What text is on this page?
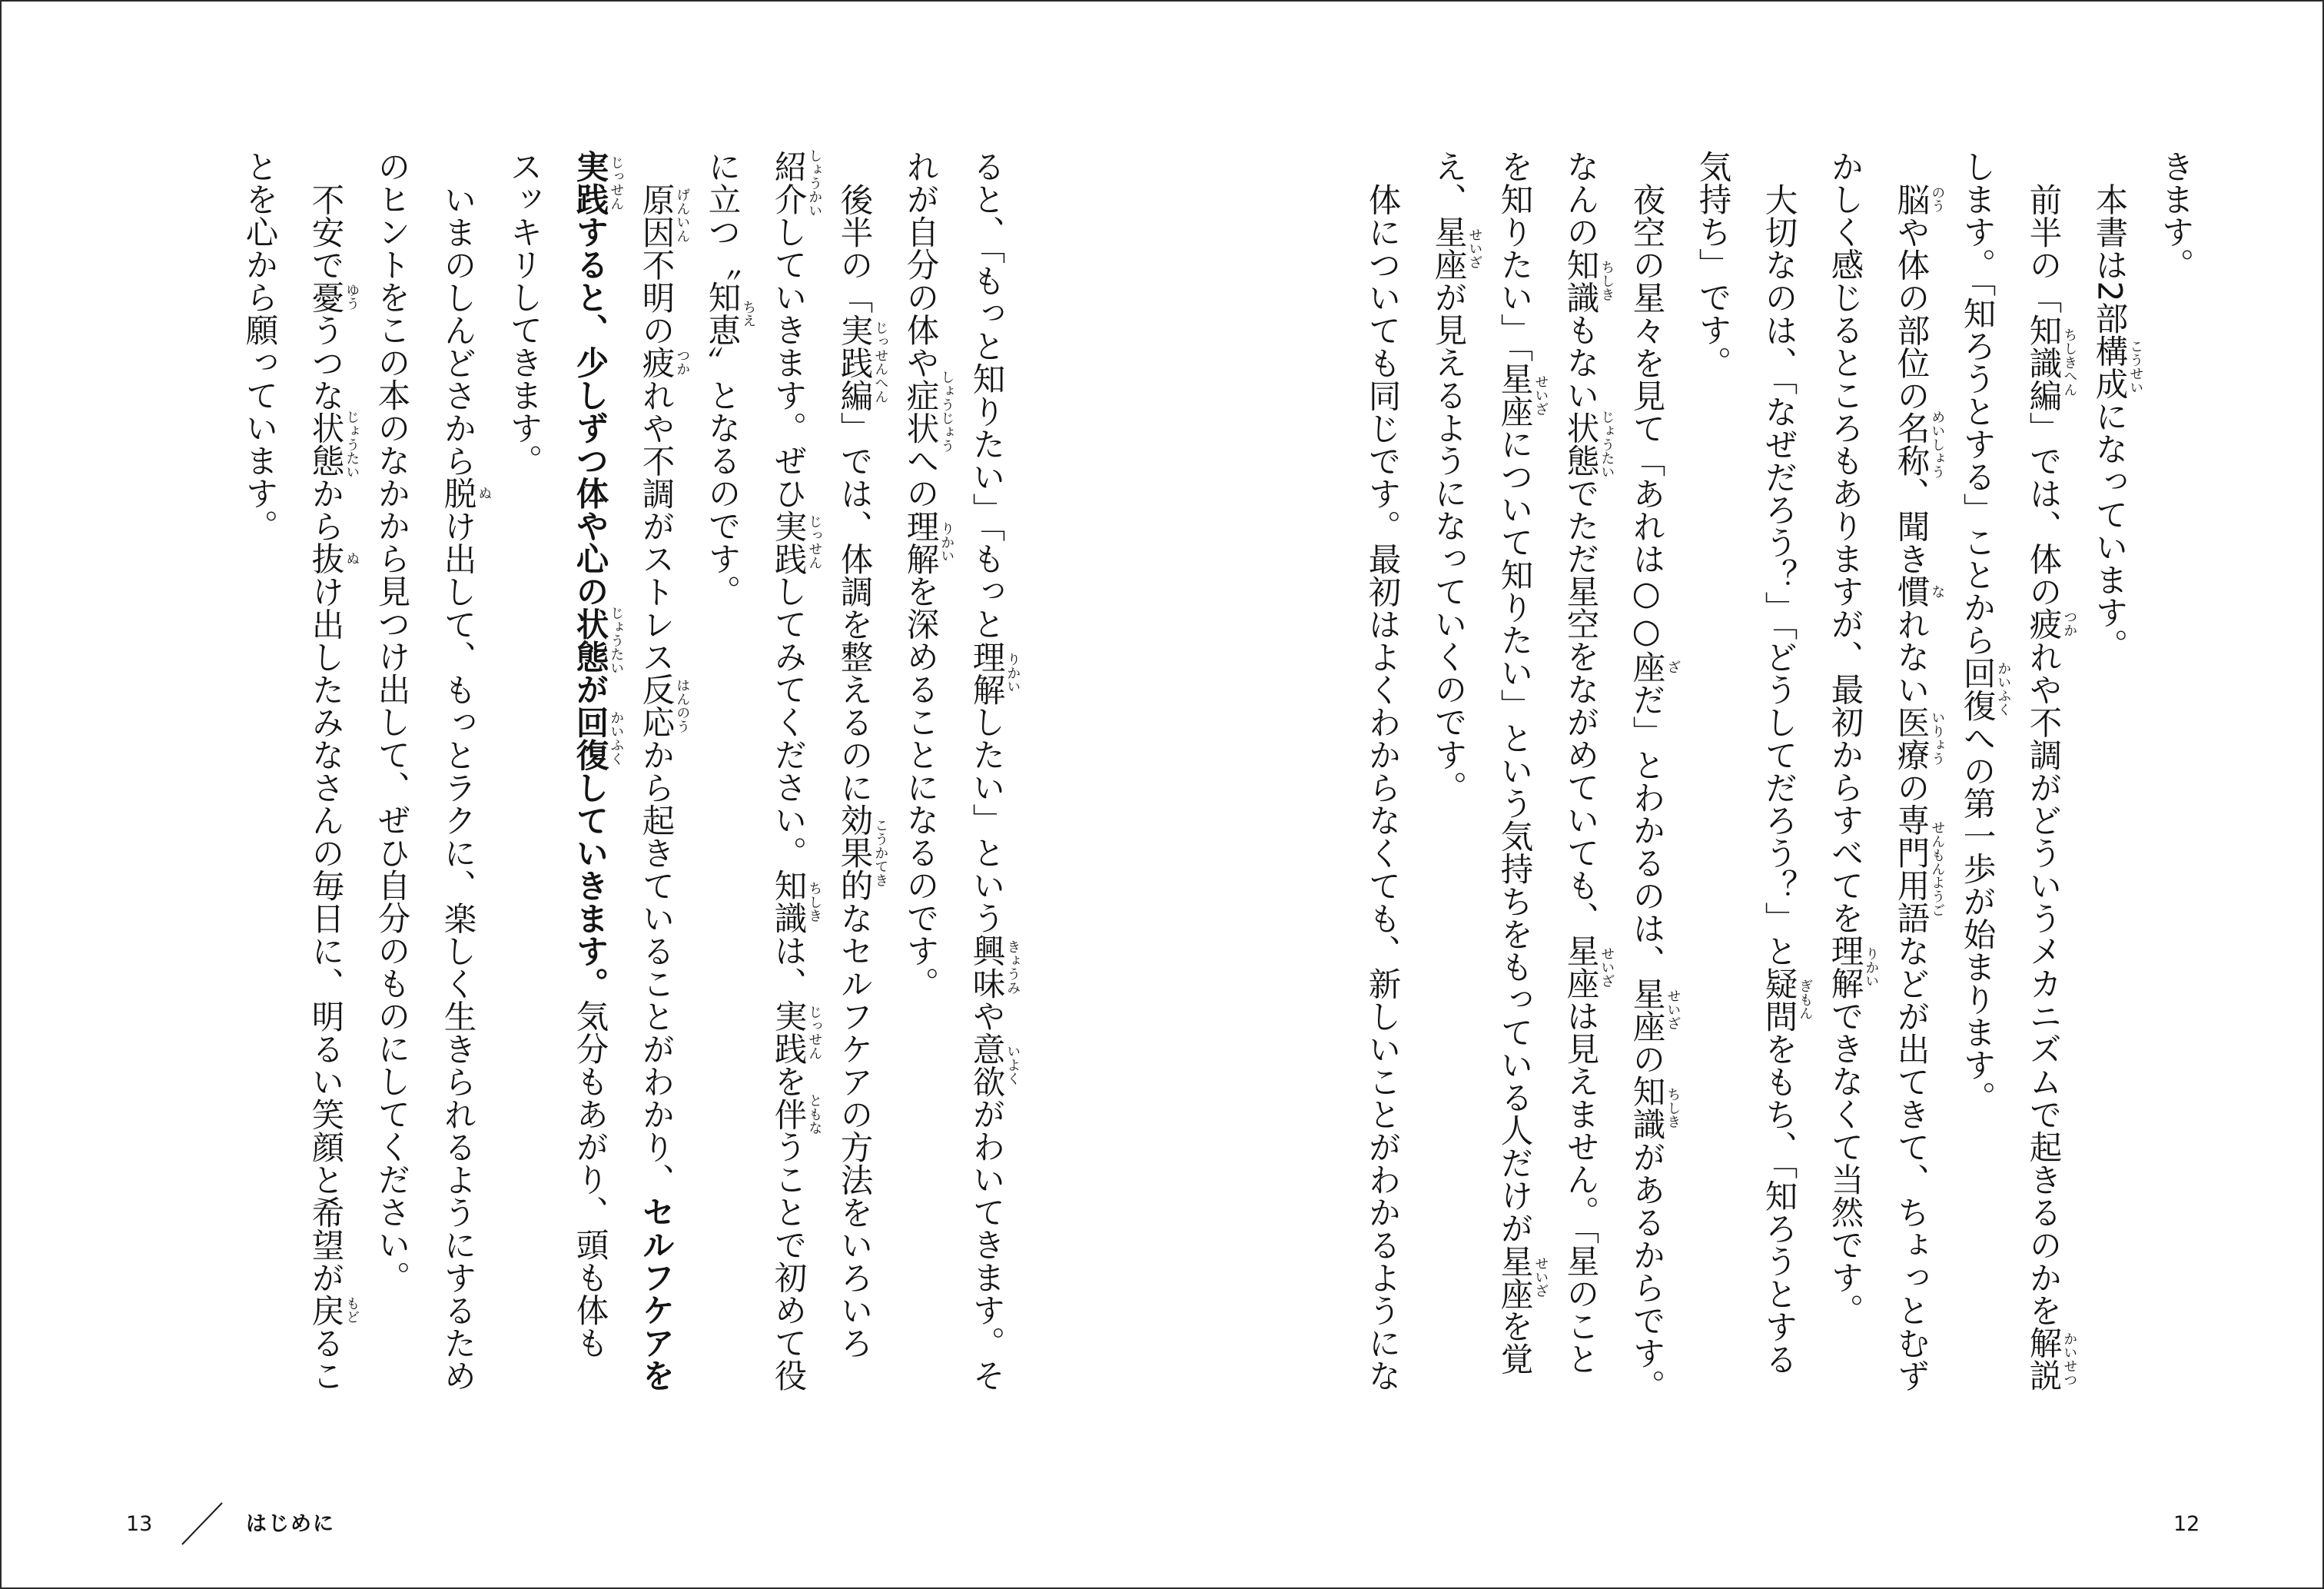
きます。
本書は2部構成 こうせい
になっています。
前半の「知識編 ちしきへん
」では、体の疲 つか
れや不調がどういうメカニズムで起きるのかを解説 かいせつ
します。「知ろうとする」ことから回復 かいふく
への第一歩が始まります。
脳 のう
や体の部位の名称 めいしょう
、聞き慣 な
れない医療 いりょう
の専門用語 せんもんようご
などが出てきて、ちょっとむず
かしく感じるところもありますが、最初からすべてを理解 りかい
できなくて当然です。
大切なのは、「なぜだろう？」「どうしてだろう？」と疑問 ぎもん
をもち、「知ろうとする
気持ち」です。
夜空の星々を見て「あれは○○座 ざ
だ」とわかるのは、星座 せいざ
の知識 ちしき
があるからです。
なんの知識 ちしき
もない状態 じょうたい
でただ星空をながめていても、星座 せいざ
は見えません。「星のこと
を知りたい」「星座 せいざ
について知りたい」という気持ちをもっている人だけが星座 せいざ
を覚
え、星座 せいざ
が見えるようになっていくのです。
体についても同じです。最初はよくわからなくても、新しいことがわかるようにな
ると、「もっと知りたい」「もっと理解 りかい
したい」という興味 きょうみ
や意欲 いよく
がわいてきます。そ
れが自分の体や症状 しょうじょう
への理解 りかい
を深めることになるのです。
後半の「実践編 じっせんへん
」では、体調を整えるのに効果的 こうかてき
なセルフケアの方法をいろいろ
紹介 しょうかい
していきます。ぜひ実践 じっせん
してみてください。知識 ちしき
は、実践 じっせん
を伴 ともな
うことで初めて役
に立つ〝知恵 ちえ
〟となるのです。
原因 げんいん
不明の疲 つか
れや不調がストレス反応 はんのう
から起きていることがわかり、セルフケアを
実践 じっせん
すると、少しずつ体や心の状態 じょうたい
が回復 かいふく
していきます。気分もあがり、頭も体も
スッキリしてきます。
いまのしんどさから脱 ぬ
け出して、もっとラクに、楽しく生きられるようにするため
のヒントをこの本のなかから見つけ出して、ぜひ自分のものにしてください。
不安で憂 ゆう
うつな状態 じょうたい
から抜 ぬ
け出したみなさんの毎日に、明るい笑顔と希望が戻 もど
るこ
とを心から願っています。
13	はじめに	12
